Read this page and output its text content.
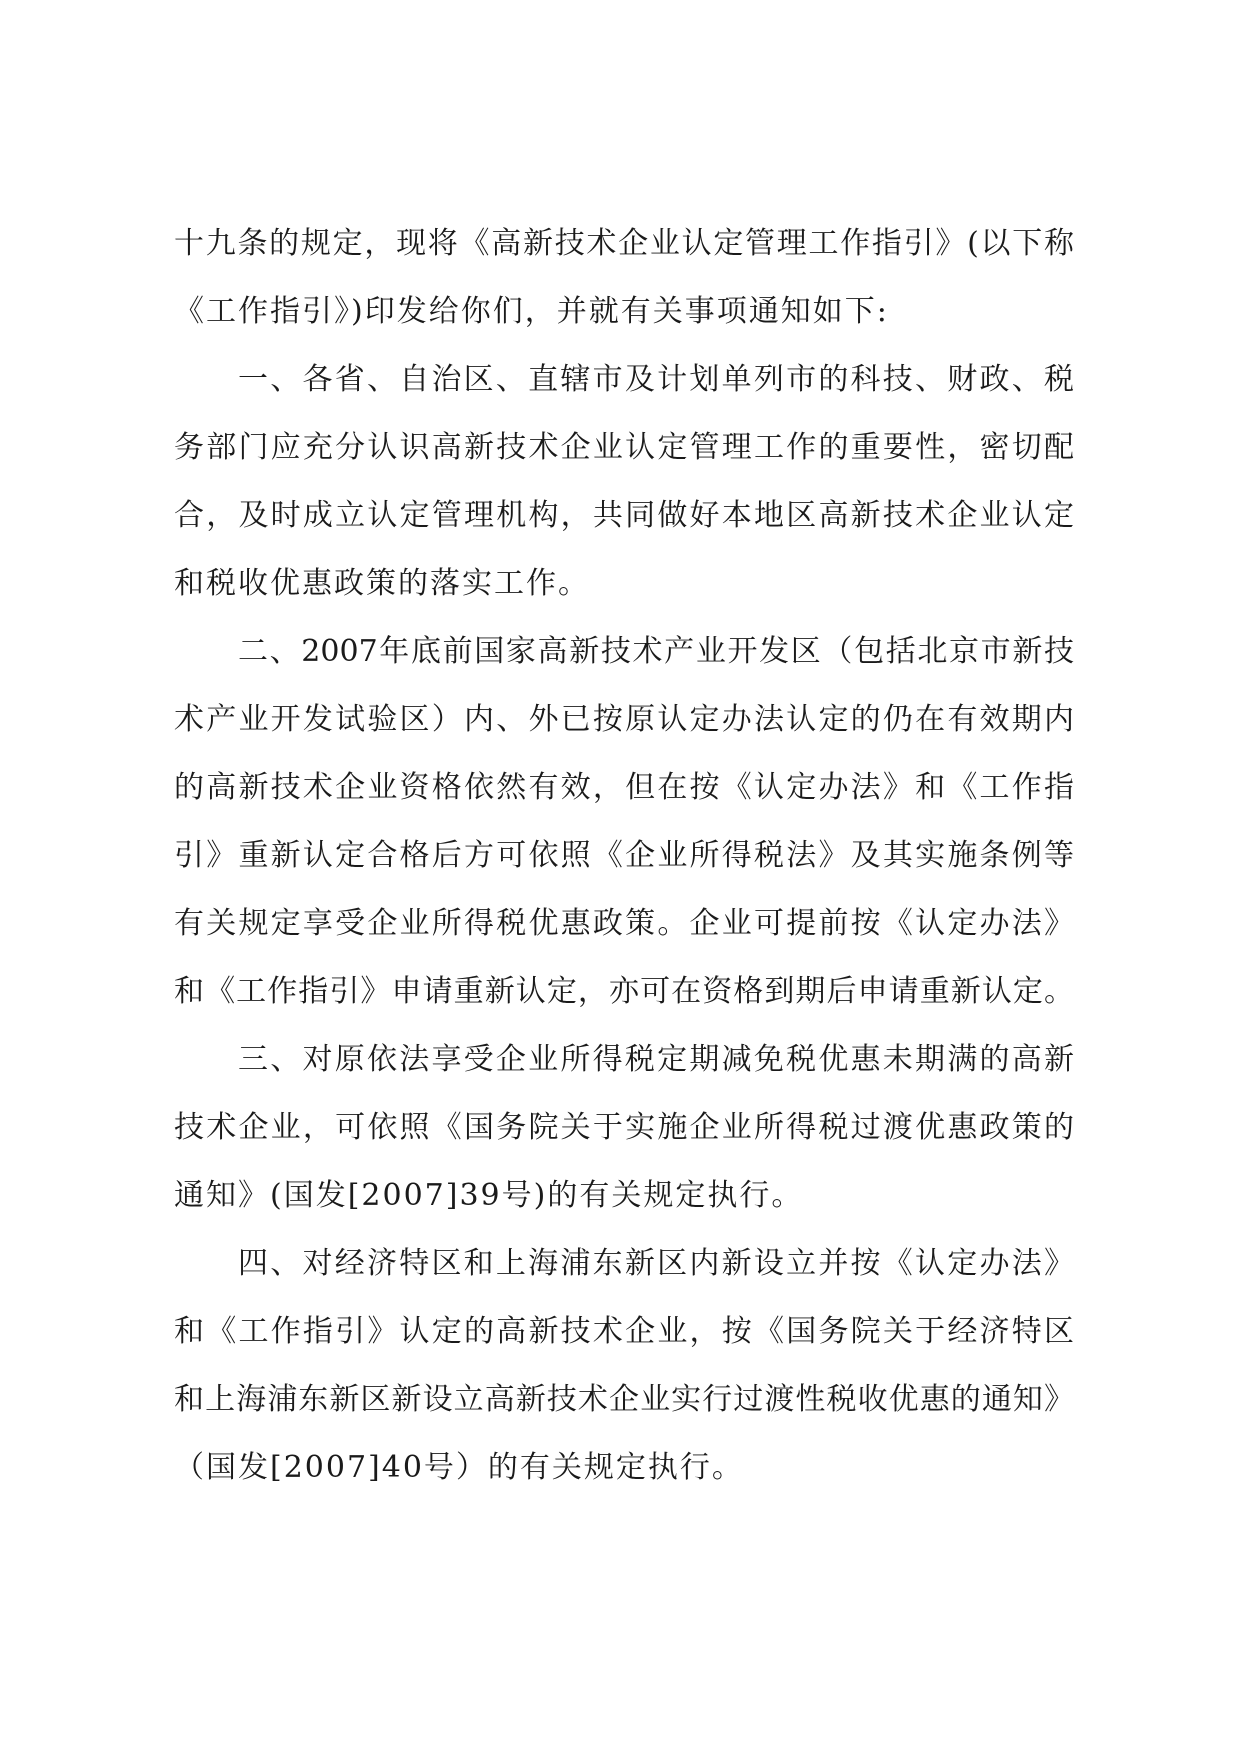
十九条的规定，现将《高新技术企业认定管理工作指引》(以下称
《工作指引》)印发给你们，并就有关事项通知如下:
一、各省、自治区、直辖市及计划单列市的科技、财政、税
务部门应充分认识高新技术企业认定管理工作的重要性，密切配
合，及时成立认定管理机构，共同做好本地区高新技术企业认定
和税收优惠政策的落实工作。
二、2007年底前国家高新技术产业开发区（包括北京市新技
术产业开发试验区）内、外已按原认定办法认定的仍在有效期内
的高新技术企业资格依然有效，但在按《认定办法》和《工作指
引》重新认定合格后方可依照《企业所得税法》及其实施条例等
有关规定享受企业所得税优惠政策。企业可提前按《认定办法》
和《工作指引》申请重新认定，亦可在资格到期后申请重新认定。
三、对原依法享受企业所得税定期减免税优惠未期满的高新
技术企业，可依照《国务院关于实施企业所得税过渡优惠政策的
通知》(国发[2007]39号)的有关规定执行。
四、对经济特区和上海浦东新区内新设立并按《认定办法》
和《工作指引》认定的高新技术企业，按《国务院关于经济特区
和上海浦东新区新设立高新技术企业实行过渡性税收优惠的通知》
（国发[2007]40号）的有关规定执行。
